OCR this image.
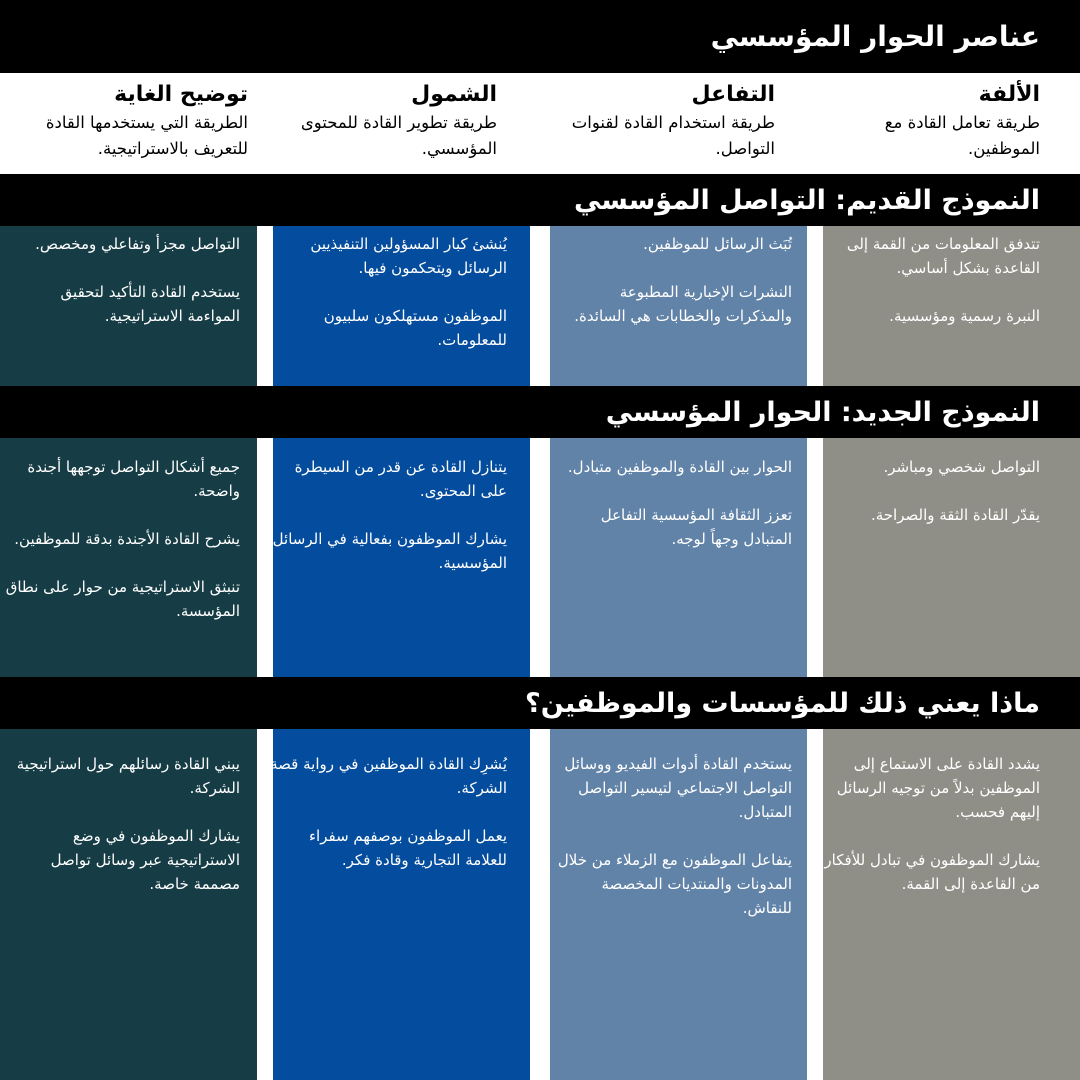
عناصر الحوار المؤسسي
الألفة
طريقة تعامل القادة مع الموظفين.
التفاعل
طريقة استخدام القادة لقنوات التواصل.
الشمول
طريقة تطوير القادة للمحتوى المؤسسي.
توضيح الغاية
الطريقة التي يستخدمها القادة للتعريف بالاستراتيجية.
النموذج القديم: التواصل المؤسسي
النموذج الجديد: الحوار المؤسسي
ماذا يعني ذلك للمؤسسات والموظفين؟

تتدفق المعلومات من القمة إلى القاعدة بشكل أساسي.

النبرة رسمية ومؤسسية.

تُبَث الرسائل للموظفين.

النشرات الإخبارية المطبوعة والمذكرات والخطابات هي السائدة.

يُنشئ كبار المسؤولين التنفيذيين الرسائل ويتحكمون فيها.

الموظفون مستهلكون سلبيون للمعلومات.

التواصل مجزأ وتفاعلي ومخصص.

يستخدم القادة التأكيد لتحقيق المواءمة الاستراتيجية.

التواصل شخصي ومباشر.

يقدّر القادة الثقة والصراحة.

الحوار بين القادة والموظفين متبادل.

تعزز الثقافة المؤسسية التفاعل المتبادل وجهاً لوجه.

يتنازل القادة عن قدر من السيطرة على المحتوى.

يشارك الموظفون بفعالية في الرسائل المؤسسية.

جميع أشكال التواصل توجهها أجندة واضحة.

يشرح القادة الأجندة بدقة للموظفين.

تنبثق الاستراتيجية من حوار على نطاق المؤسسة.

يشدد القادة على الاستماع إلى الموظفين بدلاً من توجيه الرسائل إليهم فحسب.

يشارك الموظفون في تبادل للأفكار من القاعدة إلى القمة.

يستخدم القادة أدوات الفيديو ووسائل التواصل الاجتماعي لتيسير التواصل المتبادل.

يتفاعل الموظفون مع الزملاء من خلال المدونات والمنتديات المخصصة للنقاش.

يُشرِك القادة الموظفين في رواية قصة الشركة.

يعمل الموظفون بوصفهم سفراء للعلامة التجارية وقادة فكر.

يبني القادة رسائلهم حول استراتيجية الشركة.

يشارك الموظفون في وضع الاستراتيجية عبر وسائل تواصل مصممة خاصة.
